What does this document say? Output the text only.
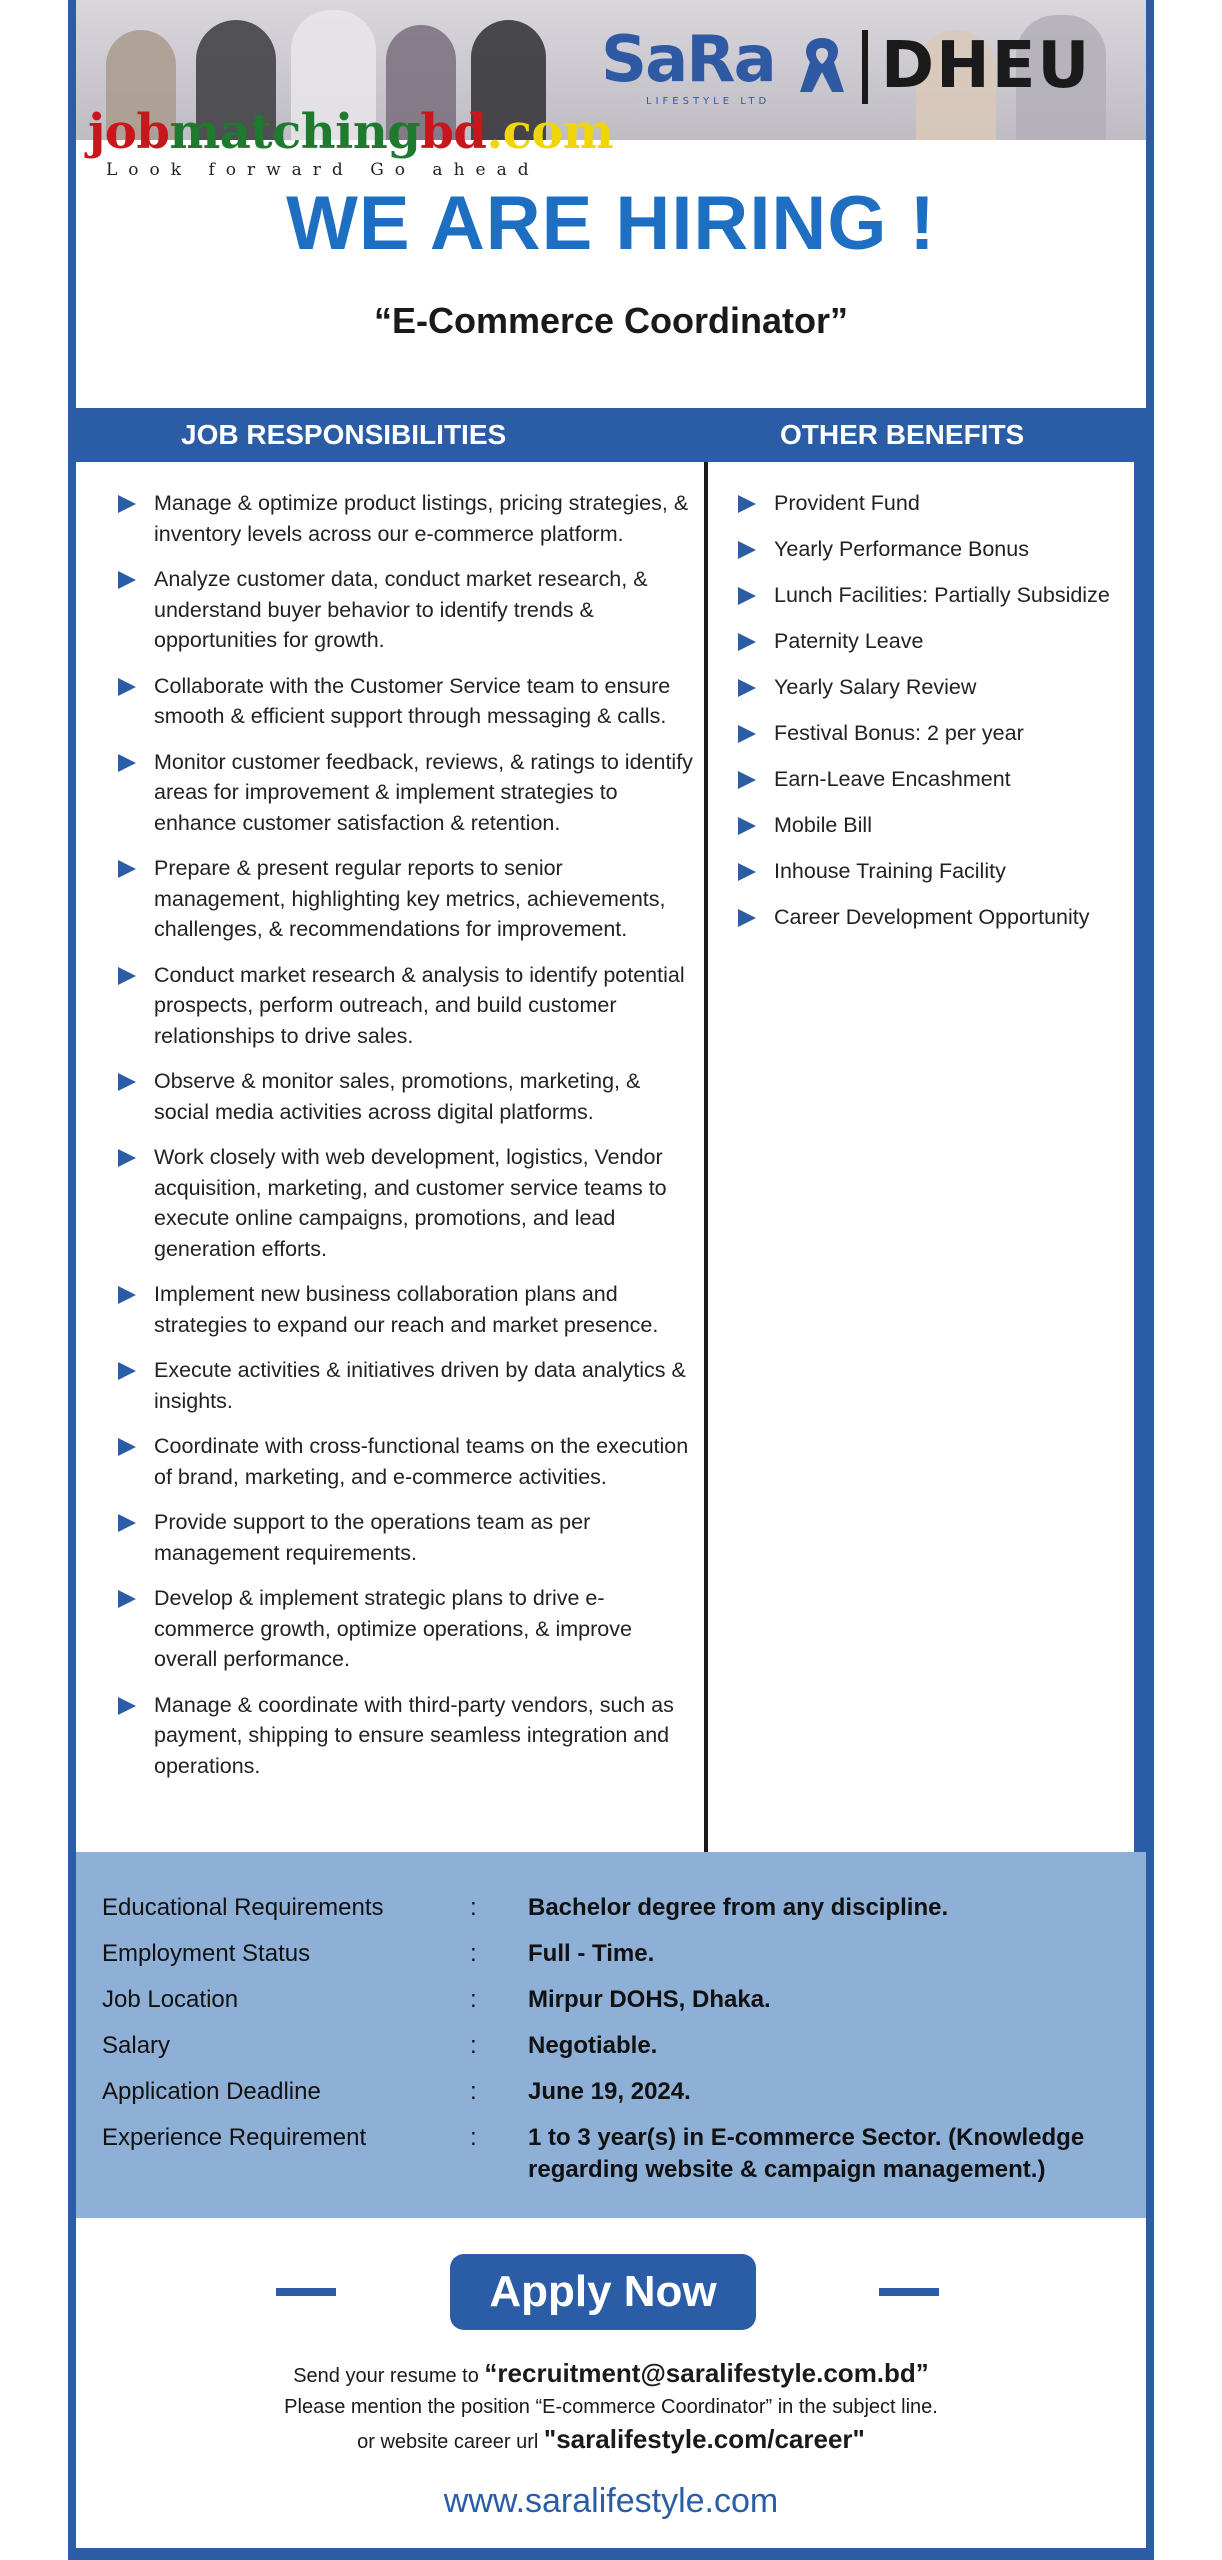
SaRa
LIFESTYLE LTD DHEU
jobmatchingbd.com
Look forward Go ahead
WE ARE HIRING !
“E-Commerce Coordinator”
JOB RESPONSIBILITIES	OTHER BENEFITS
Manage & optimize product listings, pricing strategies, & inventory levels across our e-commerce platform.
Analyze customer data, conduct market research, & understand buyer behavior to identify trends & opportunities for growth.
Collaborate with the Customer Service team to ensure smooth & efficient support through messaging & calls.
Monitor customer feedback, reviews, & ratings to identify areas for improvement & implement strategies to enhance customer satisfaction & retention.
Prepare & present regular reports to senior management, highlighting key metrics, achievements, challenges, & recommendations for improvement.
Conduct market research & analysis to identify potential prospects, perform outreach, and build customer relationships to drive sales.
Observe & monitor sales, promotions, marketing, & social media activities across digital platforms.
Work closely with web development, logistics, Vendor acquisition, marketing, and customer service teams to execute online campaigns, promotions, and lead generation efforts.
Implement new business collaboration plans and strategies to expand our reach and market presence.
Execute activities & initiatives driven by data analytics & insights.
Coordinate with cross-functional teams on the execution of brand, marketing, and e-commerce activities.
Provide support to the operations team as per management requirements.
Develop & implement strategic plans to drive e-commerce growth, optimize operations, & improve overall performance.
Manage & coordinate with third-party vendors, such as payment, shipping to ensure seamless integration and operations.
Provident Fund
Yearly Performance Bonus
Lunch Facilities: Partially Subsidize
Paternity Leave
Yearly Salary Review
Festival Bonus: 2 per year
Earn-Leave Encashment
Mobile Bill
Inhouse Training Facility
Career Development Opportunity
Educational Requirements	:	Bachelor degree from any discipline.
Employment Status	:	Full - Time.
Job Location	:	Mirpur DOHS, Dhaka.
Salary	:	Negotiable.
Application Deadline	:	June 19, 2024.
Experience Requirement	:	1 to 3 year(s) in E-commerce Sector. (Knowledge regarding website & campaign management.)
Apply Now
Send your resume to “recruitment@saralifestyle.com.bd”
Please mention the position “E-commerce Coordinator” in the subject line.
or website career url "saralifestyle.com/career"
www.saralifestyle.com
